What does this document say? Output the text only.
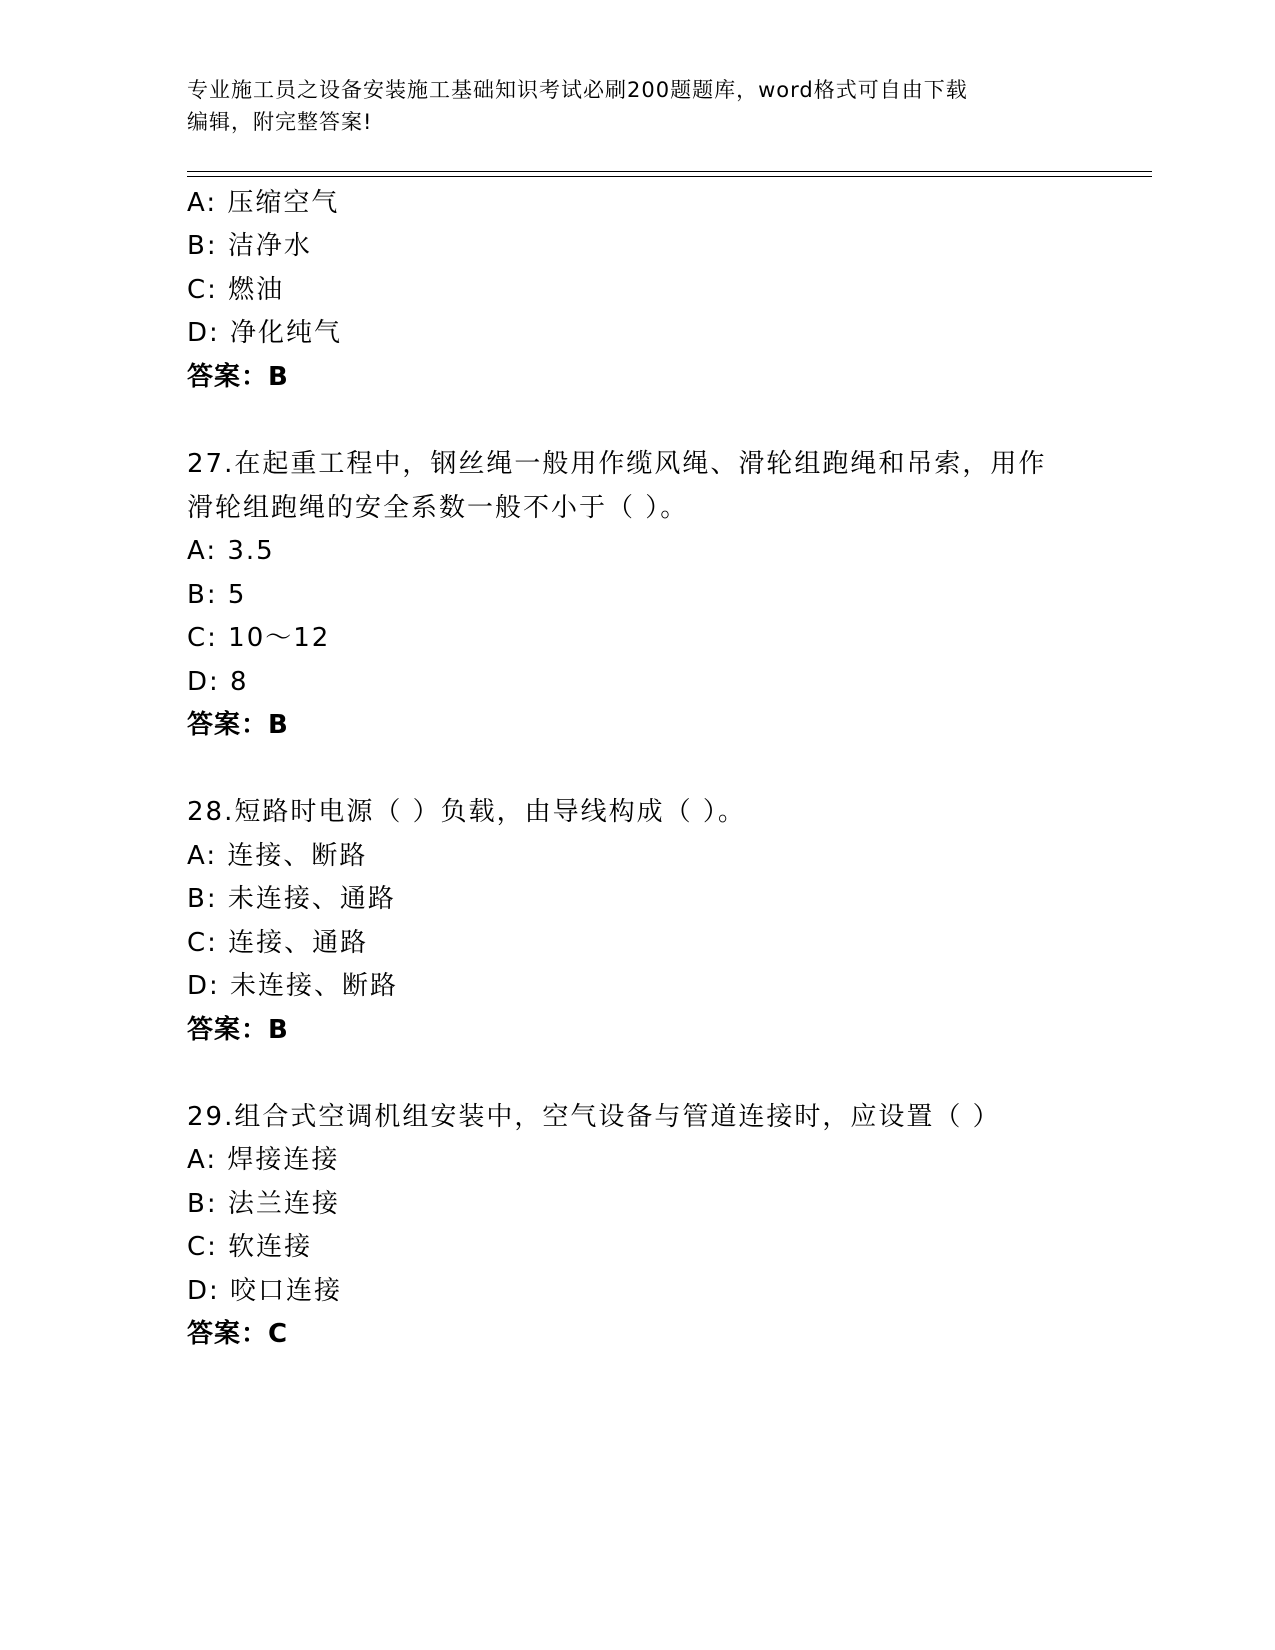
专业施工员之设备安装施工基础知识考试必刷200题题库，word格式可自由下载
编辑，附完整答案!
A: 压缩空气
B: 洁净水
C: 燃油
D: 净化纯气
答案：B
27.在起重工程中，钢丝绳一般用作缆风绳、滑轮组跑绳和吊索，用作
滑轮组跑绳的安全系数一般不小于（ ）。
A: 3.5
B: 5
C: 10～12
D: 8
答案：B
28.短路时电源（ ）负载，由导线构成（ ）。
A: 连接、断路
B: 未连接、通路
C: 连接、通路
D: 未连接、断路
答案：B
29.组合式空调机组安装中，空气设备与管道连接时，应设置（ ）
A: 焊接连接
B: 法兰连接
C: 软连接
D: 咬口连接
答案：C
